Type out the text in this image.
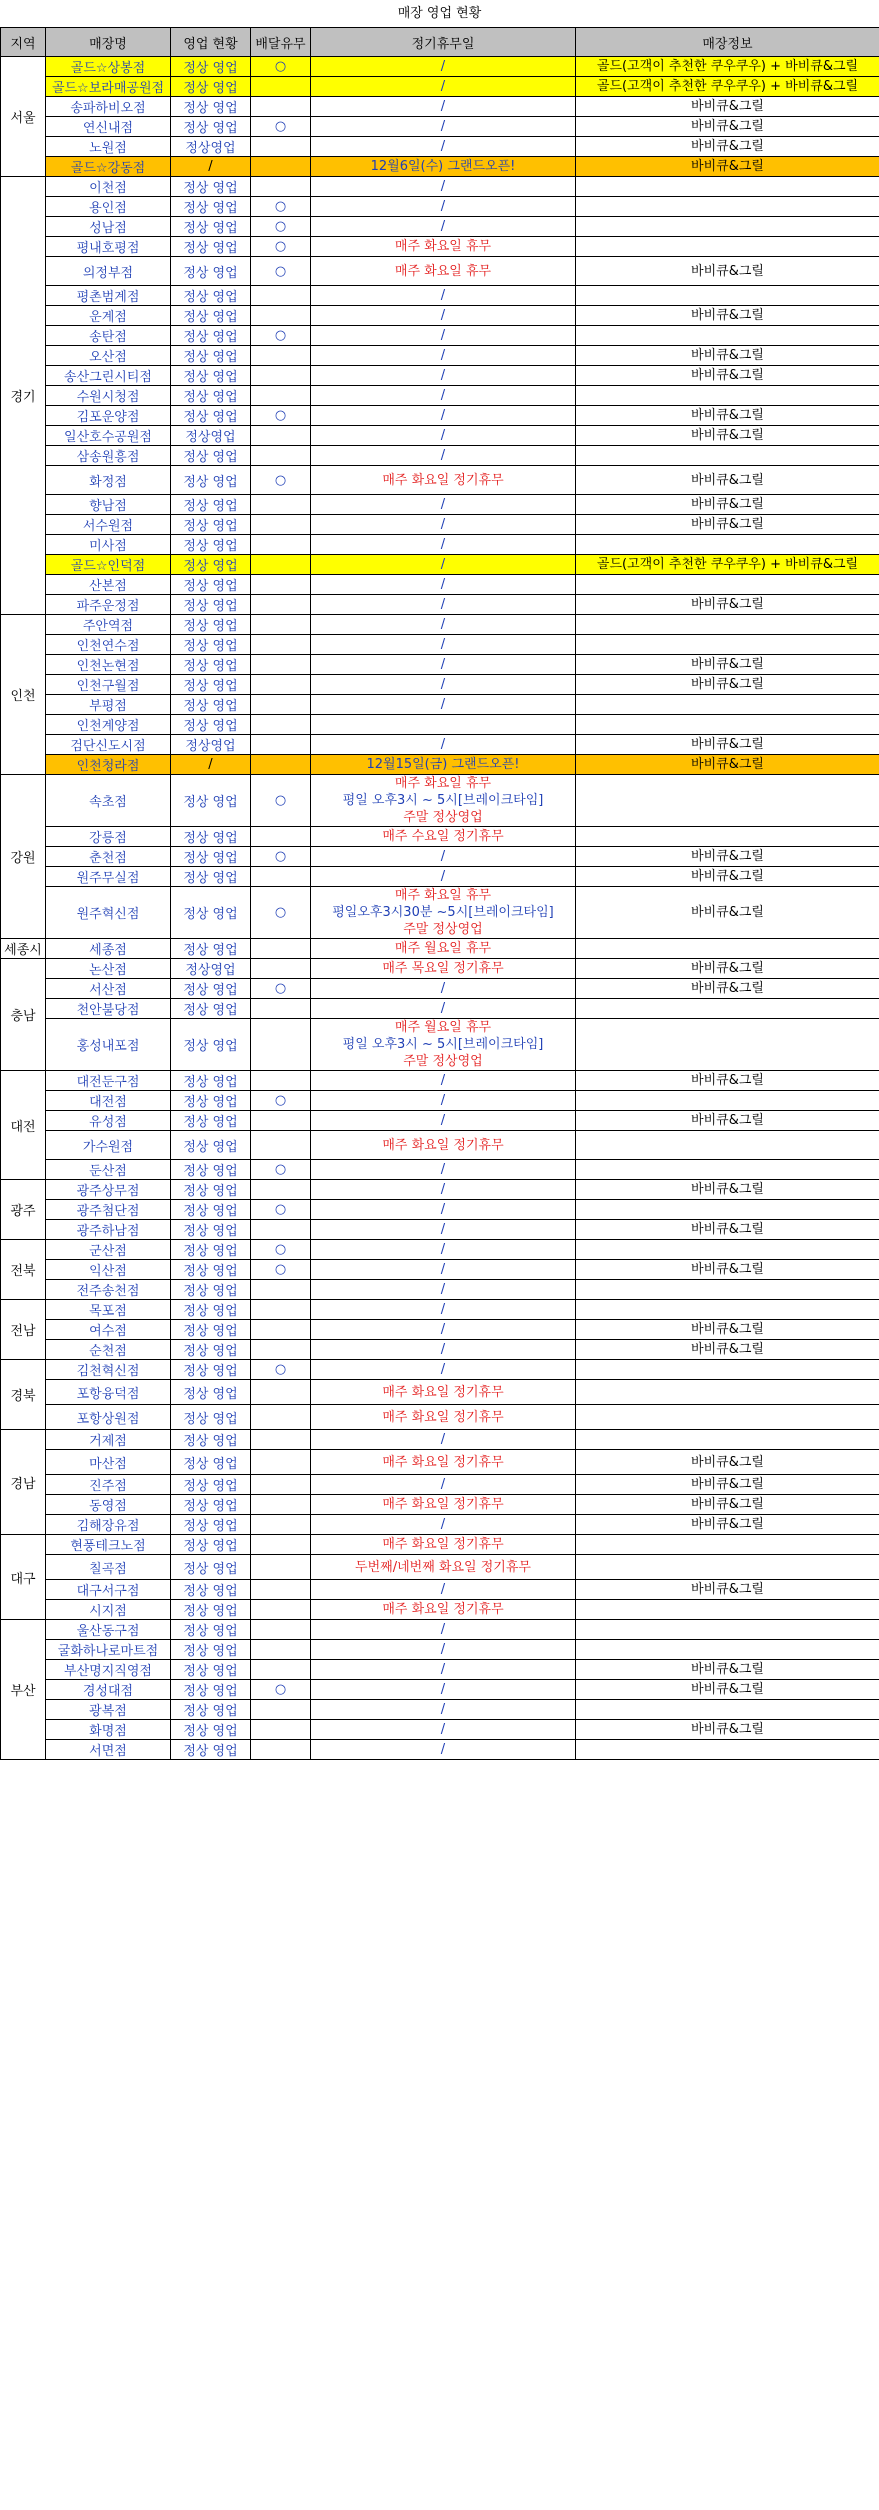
매장 영업 현황
지역	매장명	영업 현황	배달유무	정기휴무일	매장정보
서울	골드☆상봉점	정상 영업	○	/	골드(고객이 추천한 쿠우쿠우) + 바비큐&그릴
	골드☆보라매공원점	정상 영업		/	골드(고객이 추천한 쿠우쿠우) + 바비큐&그릴
	송파하비오점	정상 영업		/	바비큐&그릴
	연신내점	정상 영업	○	/	바비큐&그릴
	노원점	정상영업		/	바비큐&그릴
	골드☆강동점	/		12월6일(수) 그랜드오픈!	바비큐&그릴
경기	이천점	정상 영업		/	
	용인점	정상 영업	○	/	
	성남점	정상 영업	○	/	
	평내호평점	정상 영업	○	매주 화요일 휴무	
	의정부점	정상 영업	○	매주 화요일 휴무	바비큐&그릴
	평촌범계점	정상 영업		/	
	운계점	정상 영업		/	바비큐&그릴
	송탄점	정상 영업	○	/	
	오산점	정상 영업		/	바비큐&그릴
	송산그린시티점	정상 영업		/	바비큐&그릴
	수원시청점	정상 영업		/	
	김포운양점	정상 영업	○	/	바비큐&그릴
	일산호수공원점	정상영업		/	바비큐&그릴
	삼송원흥점	정상 영업		/	
	화정점	정상 영업	○	매주 화요일 정기휴무	바비큐&그릴
	향남점	정상 영업		/	바비큐&그릴
	서수원점	정상 영업		/	바비큐&그릴
	미사점	정상 영업		/	
	골드☆인덕점	정상 영업		/	골드(고객이 추천한 쿠우쿠우) + 바비큐&그릴
	산본점	정상 영업		/	
	파주운정점	정상 영업		/	바비큐&그릴
인천	주안역점	정상 영업		/	
	인천연수점	정상 영업		/	
	인천논현점	정상 영업		/	바비큐&그릴
	인천구월점	정상 영업		/	바비큐&그릴
	부평점	정상 영업		/	
	인천계양점	정상 영업			
	검단신도시점	정상영업		/	바비큐&그릴
	인천청라점	/		12월15일(금) 그랜드오픈!	바비큐&그릴
강원	속초점	정상 영업	○	매주 화요일 휴무
평일 오후3시 ~ 5시[브레이크타임]
주말 정상영업	

	강릉점	정상 영업		매주 수요일 정기휴무	
	춘천점	정상 영업	○	/	바비큐&그릴
	원주무실점	정상 영업		/	바비큐&그릴
	원주혁신점	정상 영업	○	매주 화요일 휴무
평일오후3시30분 ~5시[브레이크타임]
주말 정상영업	바비큐&그릴
세종시	세종점	정상 영업		매주 월요일 휴무	
충남	논산점	정상영업		매주 목요일 정기휴무	바비큐&그릴
	서산점	정상 영업	○	/	바비큐&그릴
	천안불당점	정상 영업		/	
	홍성내포점	정상 영업		매주 월요일 휴무
평일 오후3시 ~ 5시[브레이크타임]
주말 정상영업	

대전	대전둔구점	정상 영업		/	바비큐&그릴
	대전점	정상 영업	○	/	
	유성점	정상 영업		/	바비큐&그릴
	가수원점	정상 영업		매주 화요일 정기휴무	
	둔산점	정상 영업	○	/	
광주	광주상무점	정상 영업		/	바비큐&그릴
	광주첨단점	정상 영업	○	/	
	광주하남점	정상 영업		/	바비큐&그릴
전북	군산점	정상 영업	○	/	
	익산점	정상 영업	○	/	바비큐&그릴
	전주송천점	정상 영업		/	
전남	목포점	정상 영업		/	
	여수점	정상 영업		/	바비큐&그릴
	순천점	정상 영업		/	바비큐&그릴
경북	김천혁신점	정상 영업	○	/	
	포항융덕점	정상 영업		매주 화요일 정기휴무	
	포항상원점	정상 영업		매주 화요일 정기휴무	
경남	거제점	정상 영업		/	
	마산점	정상 영업		매주 화요일 정기휴무	바비큐&그릴
	진주점	정상 영업		/	바비큐&그릴
	동영점	정상 영업		매주 화요일 정기휴무	바비큐&그릴
	김해장유점	정상 영업		/	바비큐&그릴
대구	현풍테크노점	정상 영업		매주 화요일 정기휴무	
	칠곡점	정상 영업		두번째/네번째 화요일 정기휴무	
	대구서구점	정상 영업		/	바비큐&그릴
	시지점	정상 영업		매주 화요일 정기휴무	
부산	울산동구점	정상 영업		/	
	굴화하나로마트점	정상 영업		/	
	부산명지직영점	정상 영업		/	바비큐&그릴
	경성대점	정상 영업	○	/	바비큐&그릴
	광복점	정상 영업		/	
	화명점	정상 영업		/	바비큐&그릴
	서면점	정상 영업		/	
